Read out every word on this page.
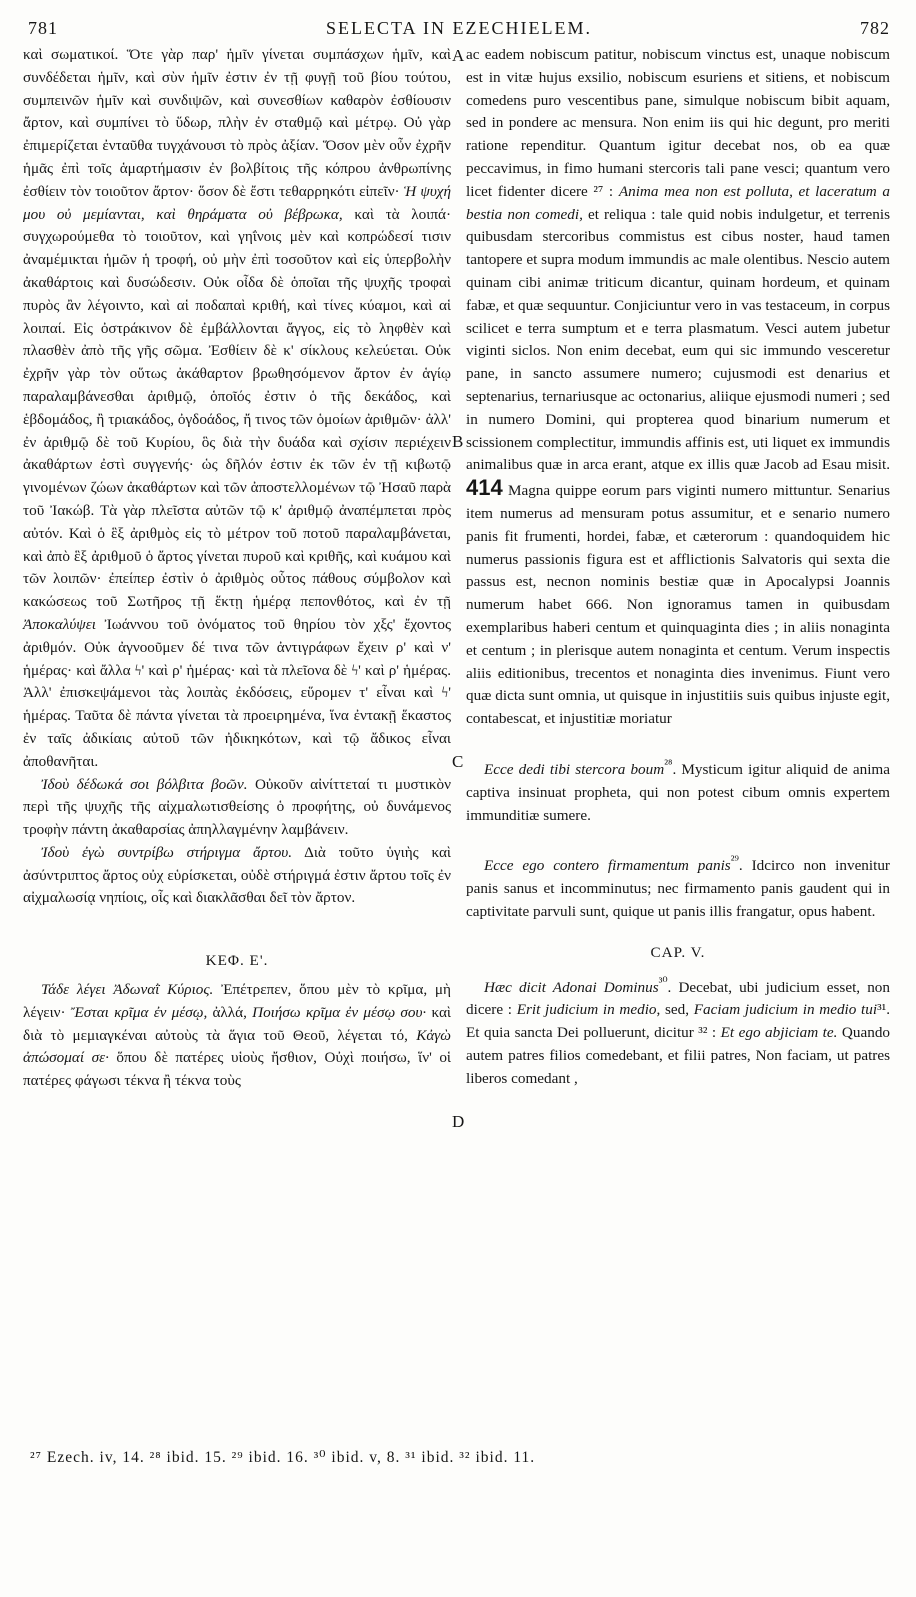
781	SELECTA IN EZECHIELEM.	782
A
B
C
D

καὶ σωματικοί. Ὅτε γὰρ παρ' ἡμῖν γίνεται συμπάσχων ἡμῖν, καὶ συνδέδεται ἡμῖν, καὶ σὺν ἡμῖν ἐστιν ἐν τῇ φυγῇ τοῦ βίου τούτου, συμπεινῶν ἡμῖν καὶ συνδιψῶν, καὶ συνεσθίων καθαρὸν ἐσθίουσιν ἄρτον, καὶ συμπίνει τὸ ὕδωρ, πλὴν ἐν σταθμῷ καὶ μέτρῳ. Οὐ γὰρ ἐπιμερίζεται ἐνταῦθα τυγχάνουσι τὸ πρὸς ἀξίαν. Ὅσον μὲν οὖν ἐχρῆν ἡμᾶς ἐπὶ τοῖς ἁμαρτήμασιν ἐν βολβίτοις τῆς κόπρου ἀνθρωπίνης ἐσθίειν τὸν τοιοῦτον ἄρτον· ὅσον δὲ ἔστι τεθαρρηκότι εἰπεῖν· Ἡ ψυχή μου οὐ μεμίανται, καὶ θηράματα οὐ βέβρωκα, καὶ τὰ λοιπά· συγχωρούμεθα τὸ τοιοῦτον, καὶ γηΐνοις μὲν καὶ κοπρώδεσί τισιν ἀναμέμικται ἡμῶν ἡ τροφή, οὐ μὴν ἐπὶ τοσοῦτον καὶ εἰς ὑπερβολὴν ἀκαθάρτοις καὶ δυσώδεσιν. Οὐκ οἶδα δὲ ὁποῖαι τῆς ψυχῆς τροφαὶ πυρὸς ἂν λέγοιντο, καὶ αἱ ποδαπαὶ κριθή, καὶ τίνες κύαμοι, καὶ αἱ λοιπαί. Εἰς ὀστράκινον δὲ ἐμβάλλονται ἄγγος, εἰς τὸ ληφθὲν καὶ πλασθὲν ἀπὸ τῆς γῆς σῶμα. Ἐσθίειν δὲ κ' σίκλους κελεύεται. Οὐκ ἐχρῆν γὰρ τὸν οὕτως ἀκάθαρτον βρωθησόμενον ἄρτον ἐν ἁγίῳ παραλαμβάνεσθαι ἀριθμῷ, ὁποῖός ἐστιν ὁ τῆς δεκάδος, καὶ ἑβδομάδος, ἢ τριακάδος, ὀγδοάδος, ἤ τινος τῶν ὁμοίων ἀριθμῶν· ἀλλ' ἐν ἀριθμῷ δὲ τοῦ Κυρίου, ὃς διὰ τὴν δυάδα καὶ σχίσιν περιέχειν ἀκαθάρτων ἐστὶ συγγενής· ὡς δῆλόν ἐστιν ἐκ τῶν ἐν τῇ κιβωτῷ γινομένων ζώων ἀκαθάρτων καὶ τῶν ἀποστελλομένων τῷ Ἠσαῦ παρὰ τοῦ Ἰακώβ. Τὰ γὰρ πλεῖστα αὐτῶν τῷ κ' ἀριθμῷ ἀναπέμπεται πρὸς αὐτόν. Καὶ ὁ ἓξ ἀριθμὸς εἰς τὸ μέτρον τοῦ ποτοῦ παραλαμβάνεται, καὶ ἀπὸ ἓξ ἀριθμοῦ ὁ ἄρτος γίνεται πυροῦ καὶ κριθῆς, καὶ κυάμου καὶ τῶν λοιπῶν· ἐπείπερ ἐστὶν ὁ ἀριθμὸς οὗτος πάθους σύμβολον καὶ κακώσεως τοῦ Σωτῆρος τῇ ἕκτῃ ἡμέρᾳ πεπονθότος, καὶ ἐν τῇ Ἀποκαλύψει Ἰωάννου τοῦ ὀνόματος τοῦ θηρίου τὸν χξς' ἔχοντος ἀριθμόν. Οὐκ ἀγνοοῦμεν δέ τινα τῶν ἀντιγράφων ἔχειν ρ' καὶ ν' ἡμέρας· καὶ ἄλλα ϟ' καὶ ρ' ἡμέρας· καὶ τὰ πλεῖονα δὲ ϟ' καὶ ρ' ἡμέρας. Ἀλλ' ἐπισκεψάμενοι τὰς λοιπὰς ἐκδόσεις, εὕρομεν τ' εἶναι καὶ ϟ' ἡμέρας. Ταῦτα δὲ πάντα γίνεται τὰ προειρημένα, ἵνα ἐντακῇ ἕκαστος ἐν ταῖς ἀδικίαις αὐτοῦ τῶν ἠδικηκότων, καὶ τῷ ἄδικος εἶναι ἀποθανῆται.

Ἰδοὺ δέδωκά σοι βόλβιτα βοῶν. Οὐκοῦν αἰνίττεταί τι μυστικὸν περὶ τῆς ψυχῆς τῆς αἰχμαλωτισθείσης ὁ προφήτης, οὐ δυνάμενος τροφὴν πάντη ἀκαθαρσίας ἀπηλλαγμένην λαμβάνειν.

Ἰδοὺ ἐγὼ συντρίβω στήριγμα ἄρτου. Διὰ τοῦτο ὑγιὴς καὶ ἀσύντριπτος ἄρτος οὐχ εὑρίσκεται, οὐδὲ στήριγμά ἐστιν ἄρτου τοῖς ἐν αἰχμαλωσίᾳ νηπίοις, οἷς καὶ διακλᾶσθαι δεῖ τὸν ἄρτον.

ΚΕΦ. Ε'.

Τάδε λέγει Ἀδωναῒ Κύριος. Ἐπέτρεπεν, ὅπου μὲν τὸ κρῖμα, μὴ λέγειν· Ἔσται κρῖμα ἐν μέσῳ, ἀλλά, Ποιήσω κρῖμα ἐν μέσῳ σου· καὶ διὰ τὸ μεμιαγκέναι αὐτοὺς τὰ ἅγια τοῦ Θεοῦ, λέγεται τό, Κἀγὼ ἀπώσομαί σε· ὅπου δὲ πατέρες υἱοὺς ἤσθιον, Οὐχὶ ποιήσω, ἵν' οἱ πατέρες φάγωσι τέκνα ἢ τέκνα τοὺς

ac eadem nobiscum patitur, nobiscum vinctus est, unaque nobiscum est in vitæ hujus exsilio, nobiscum esuriens et sitiens, et nobiscum comedens puro vescentibus pane, simulque nobiscum bibit aquam, sed in pondere ac mensura. Non enim iis qui hic degunt, pro meriti ratione rependitur. Quantum igitur decebat nos, ob ea quæ peccavimus, in fimo humani stercoris tali pane vesci; quantum vero licet fidenter dicere ²⁷ : Anima mea non est polluta, et laceratum a bestia non comedi, et reliqua : tale quid nobis indulgetur, et terrenis quibusdam stercoribus commistus est cibus noster, haud tamen tantopere et supra modum immundis ac male olentibus. Nescio autem quinam cibi animæ triticum dicantur, quinam hordeum, et quinam fabæ, et quæ sequuntur. Conjiciuntur vero in vas testaceum, in corpus scilicet e terra sumptum et e terra plasmatum. Vesci autem jubetur viginti siclos. Non enim decebat, eum qui sic immundo vesceretur pane, in sancto assumere numero; cujusmodi est denarius et septenarius, ternariusque ac octonarius, aliique ejusmodi numeri ; sed in numero Domini, qui propterea quod binarium numerum et scissionem complectitur, immundis affinis est, uti liquet ex immundis animalibus quæ in arca erant, atque ex illis quæ Jacob ad Esau misit. 414 Magna quippe eorum pars viginti numero mittuntur. Senarius item numerus ad mensuram potus assumitur, et e senario numero panis fit frumenti, hordei, fabæ, et cæterorum : quandoquidem hic numerus passionis figura est et afflictionis Salvatoris qui sexta die passus est, necnon nominis bestiæ quæ in Apocalypsi Joannis numerum habet 666. Non ignoramus tamen in quibusdam exemplaribus haberi centum et quinquaginta dies ; in aliis nonaginta et centum ; in plerisque autem nonaginta et centum. Verum inspectis aliis editionibus, trecentos et nonaginta dies invenimus. Fiunt vero quæ dicta sunt omnia, ut quisque in injustitiis suis quibus injuste egit, contabescat, et injustitiæ moriatur

Ecce dedi tibi stercora boum$^{^{28}}$. Mysticum igitur aliquid de anima captiva insinuat propheta, qui non potest cibum omnis expertem immunditiæ sumere.

Ecce ego contero firmamentum panis$^{^{29}}$. Idcirco non invenitur panis sanus et incomminutus; nec firmamento panis gaudent qui in captivitate parvuli sunt, quique ut panis illis frangatur, opus habent.

CAP. V.

Hæc dicit Adonai Dominus$^{^{30}}$. Decebat, ubi judicium esset, non dicere : Erit judicium in medio, sed, Faciam judicium in medio tui³¹. Et quia sancta Dei polluerunt, dicitur ³² : Et ego abjiciam te. Quando autem patres filios comedebant, et filii patres, Non faciam, ut patres liberos comedant ,

²⁷ Ezech. iv, 14. ²⁸ ibid. 15. ²⁹ ibid. 16. ³⁰ ibid. v, 8. ³¹ ibid. ³² ibid. 11.
